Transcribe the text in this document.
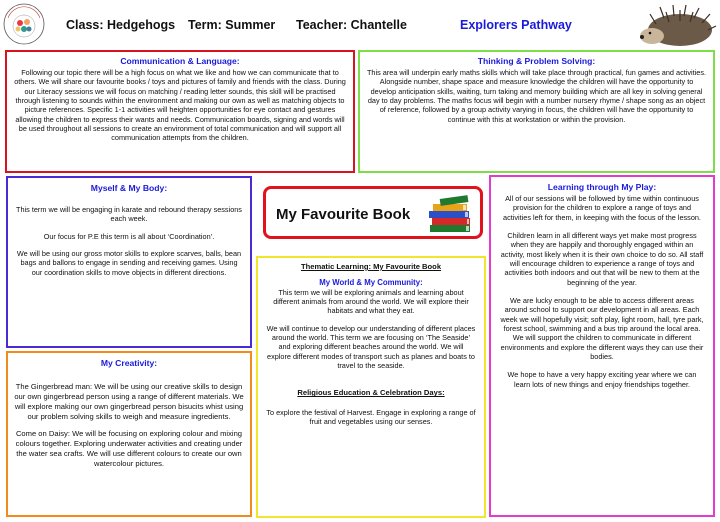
Class: Hedgehogs Term: Summer Teacher: Chantelle	Explorers Pathway
Communication & Language:

Following our topic there will be a high focus on what we like and how we can communicate that to others. We will share our favourite books / toys and pictures of family and friends with the class. During our Literacy sessions we will focus on matching / reading letter sounds, this skill will be practised through listening to sounds within the environment and making our own as well as matching objects to picture references. Specific 1-1 activities will heighten opportunities for eye contact and gestures allowing the children to express their wants and needs. Communication boards, signing and words will be used throughout all sessions to create an environment of total communication and will support all communication attempts from the children.

Thinking & Problem Solving:

This area will underpin early maths skills which will take place through practical, fun games and activities. Alongside number, shape space and measure knowledge the children will have the opportunity to develop anticipation skills, waiting, turn taking and memory building which are all key in solving general day to day problems. The maths focus will begin with a number nursery rhyme / shape song as an object of reference, followed by a group activity varying in focus, the children will have the opportunity to continue with this at workstation or within the provision.

Myself & My Body:

This term we will be engaging in karate and rebound therapy sessions each week.

Our focus for P.E this term is all about ‘Coordination’.

We will be using our gross motor skills to explore scarves, balls, bean bags and ballons to engage in sending and receiving games. Using our coordination skills to move objects in different directions.

My Favourite Book

Thematic Learning: My Favourite Book

My World & My Community:

This term we will be exploring animals and learning about different animals from around the world. We will explore their habitats and what they eat.

We will continue to develop our understanding of different places around the world. This term we are focusing on ‘The Seaside’ and exploring different beaches around the world. We will explore different modes of transport such as planes and boats to travel to the seaside.

Religious Education & Celebration Days:

To explore the festival of Harvest. Engage in exploring a range of fruit and vegetables using our senses.

My Creativity:

The Gingerbread man: We will be using our creative skills to design our own gingerbread person using a range of different materials. We will explore making our own gingerbread person bisucits whist using our problem solving skills to weigh and measure ingredients.

Come on Daisy: We will be focusing on exploring colour and mixing colours together. Exploring underwater activities and creating under the water sea crafts. We will use different colours to create our own watercolour pictures.

Learning through My Play:

All of our sessions will be followed by time within continuous provision for the children to explore a range of toys and activities left for them, in keeping with the focus of the lesson.

Children learn in all different ways yet make most progress when they are happily and thoroughly engaged within an activity, most likely when it is their own choice to do so. All staff will encourage children to experience a range of toys and activities both indoors and out that will be new to them at the beginning of the year.

We are lucky enough to be able to access different areas around school to support our development in all areas. Each week we will hopefully visit; soft play, light room, hall, tyre park, forest school, swimming and a bus trip around the local area. We will support the children to communicate in different environments and explore the different ways they can use their bodies.

We hope to have a very happy exciting year where we can learn lots of new things and enjoy friendships together.
